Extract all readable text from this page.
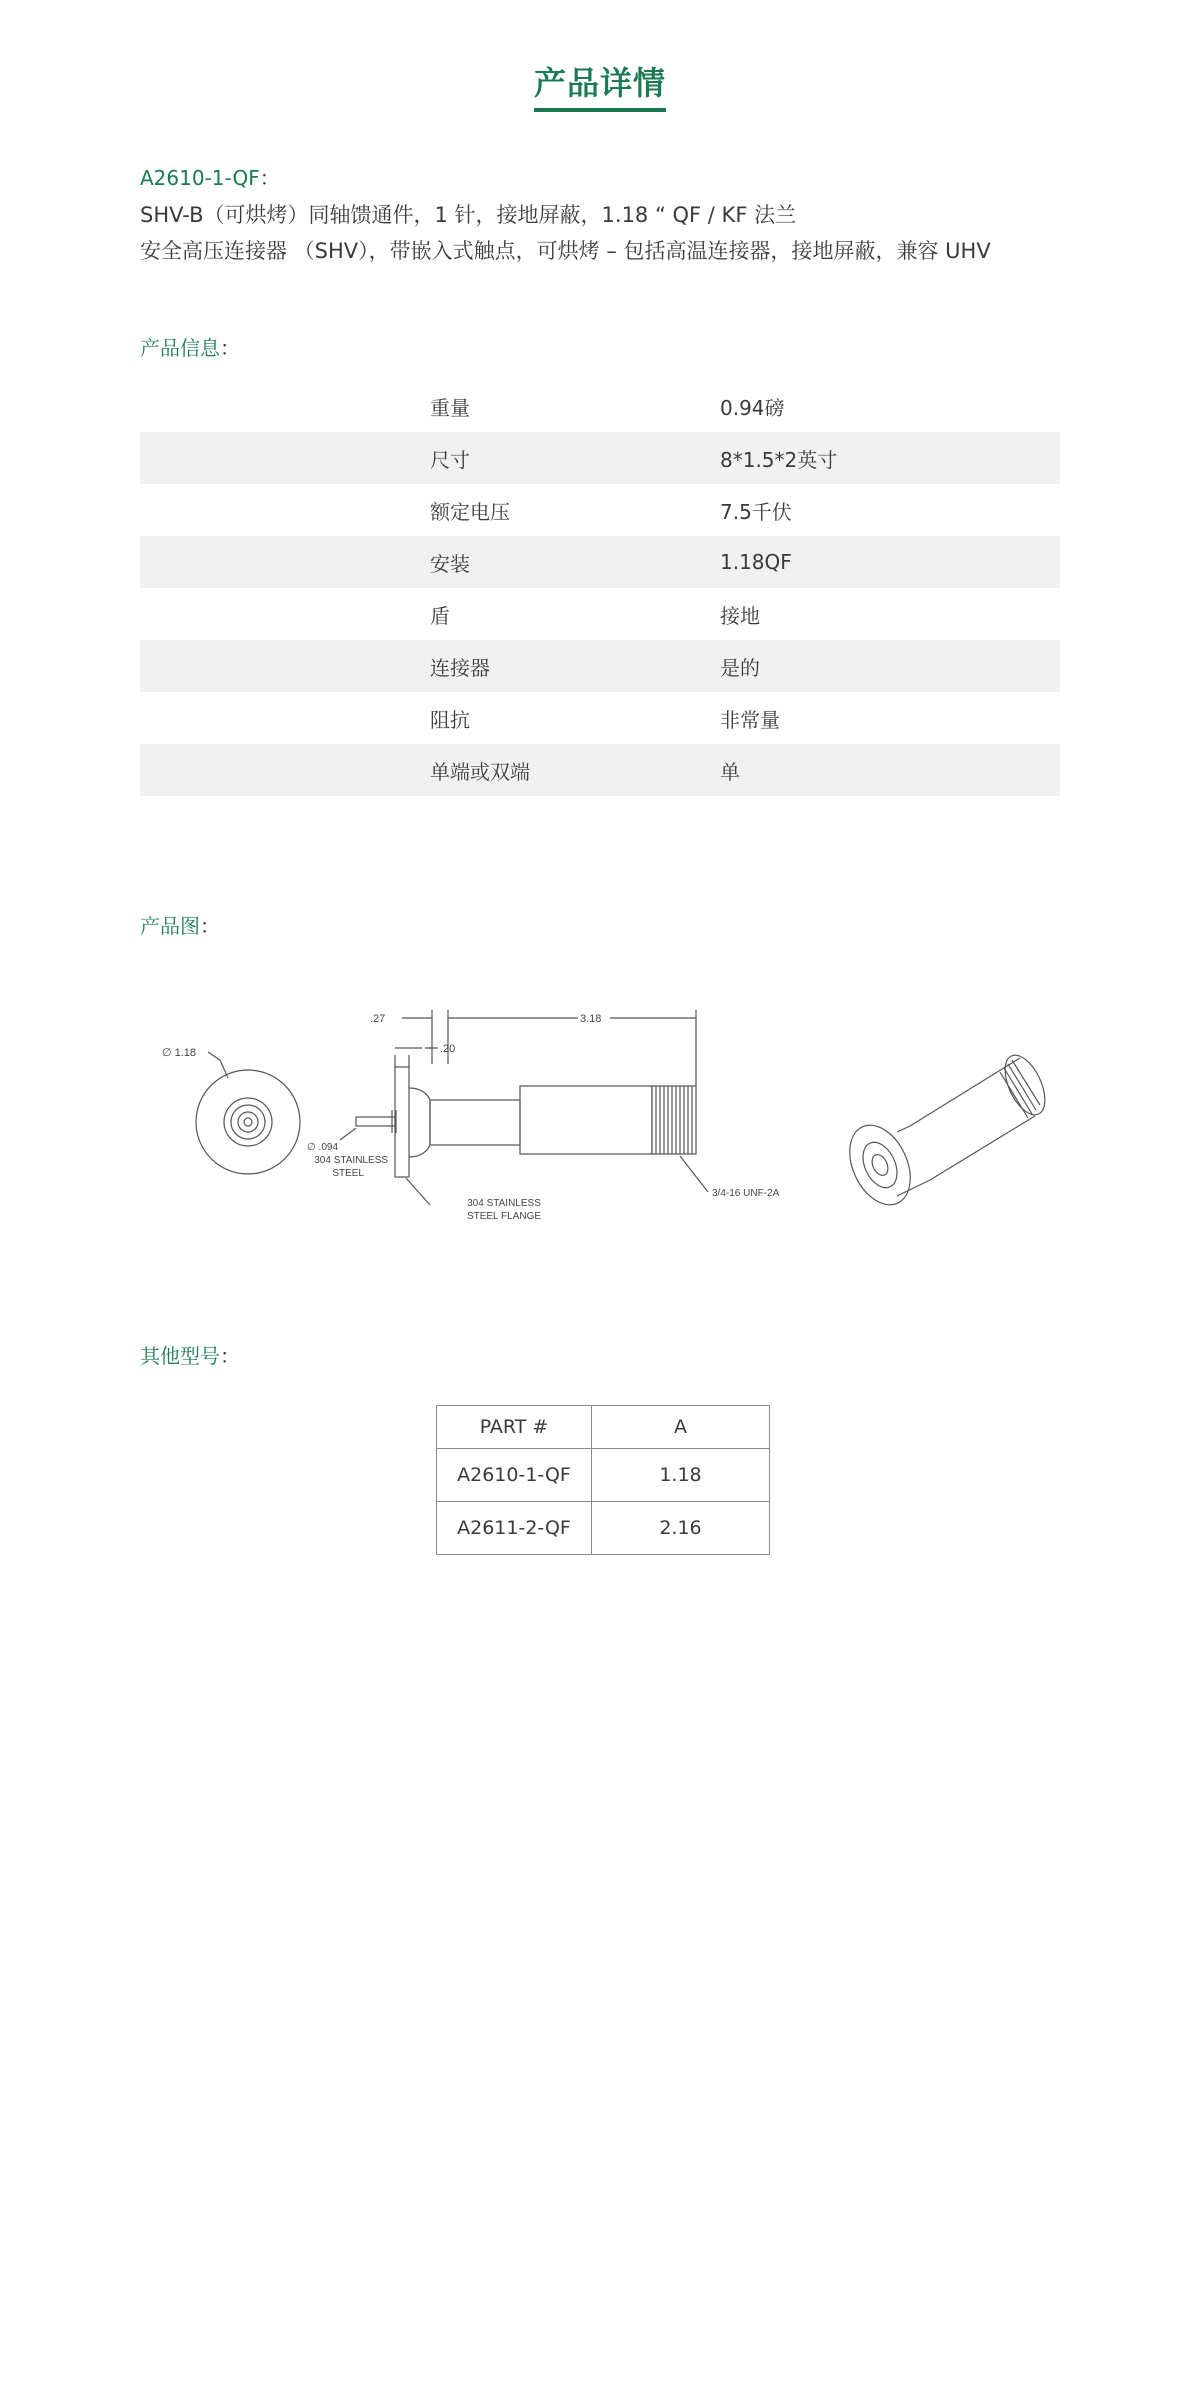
产品详情
A2610-1-QF：
SHV-B（可烘烤）同轴馈通件，1 针，接地屏蔽，1.18 “ QF / KF 法兰
安全高压连接器 （SHV），带嵌入式触点，可烘烤 – 包括高温连接器，接地屏蔽，兼容 UHV
产品信息：
重量	0.94磅
尺寸	8*1.5*2英寸
额定电压	7.5千伏
安装	1.18QF
盾	接地
连接器	是的
阻抗	非常量
单端或双端	单
产品图：
∅ 1.18
.27	3.18
.20
∅ .094
304 STAINLESS
STEEL
304 STAINLESS
STEEL FLANGE
3/4-16 UNF-2A
其他型号：
PART #	A
A2610-1-QF	1.18
A2611-2-QF	2.16
